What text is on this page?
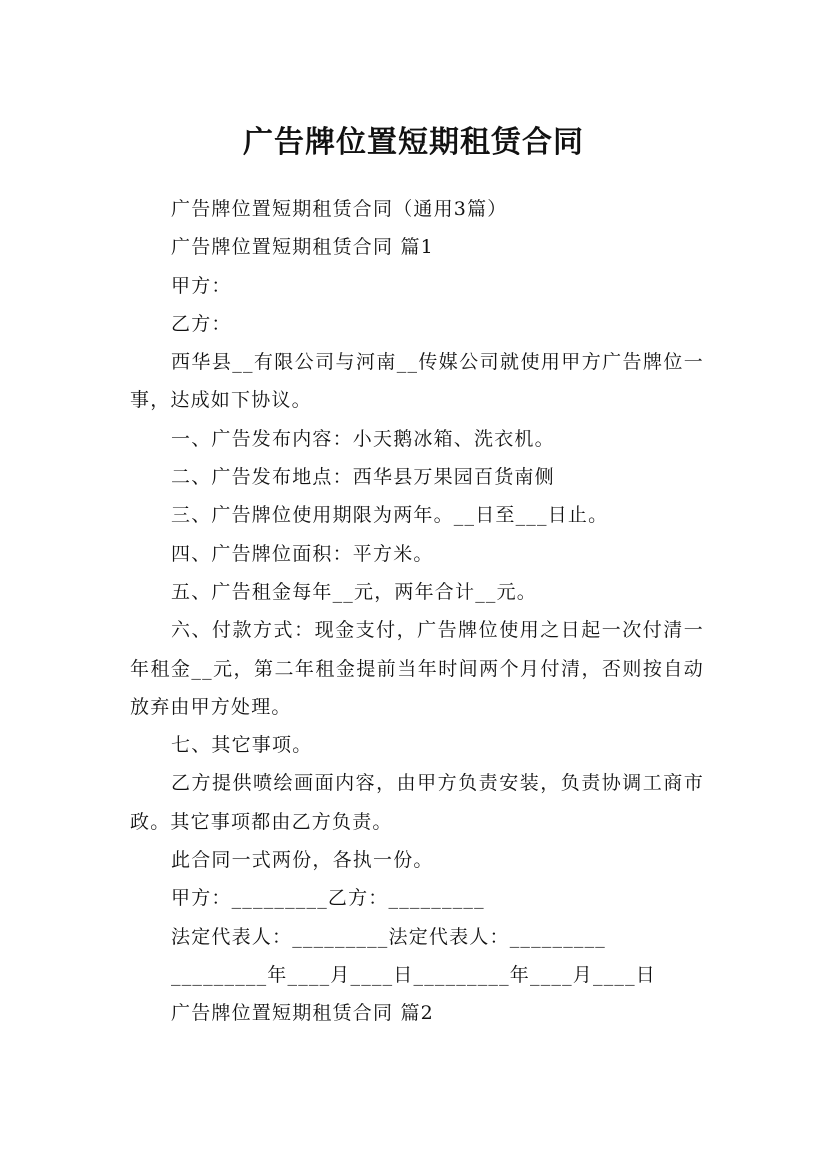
广告牌位置短期租赁合同

广告牌位置短期租赁合同（通用3篇）

广告牌位置短期租赁合同 篇1

甲方：

乙方：

西华县__有限公司与河南__传媒公司就使用甲方广告牌位一事，达成如下协议。

一、广告发布内容：小天鹅冰箱、洗衣机。

二、广告发布地点：西华县万果园百货南侧

三、广告牌位使用期限为两年。__日至___日止。

四、广告牌位面积：平方米。

五、广告租金每年__元，两年合计__元。

六、付款方式：现金支付，广告牌位使用之日起一次付清一年租金__元，第二年租金提前当年时间两个月付清，否则按自动放弃由甲方处理。

七、其它事项。

乙方提供喷绘画面内容，由甲方负责安装，负责协调工商市政。其它事项都由乙方负责。

此合同一式两份，各执一份。

甲方：_________乙方：_________

法定代表人：_________法定代表人：_________

_________年____月____日_________年____月____日

广告牌位置短期租赁合同 篇2
